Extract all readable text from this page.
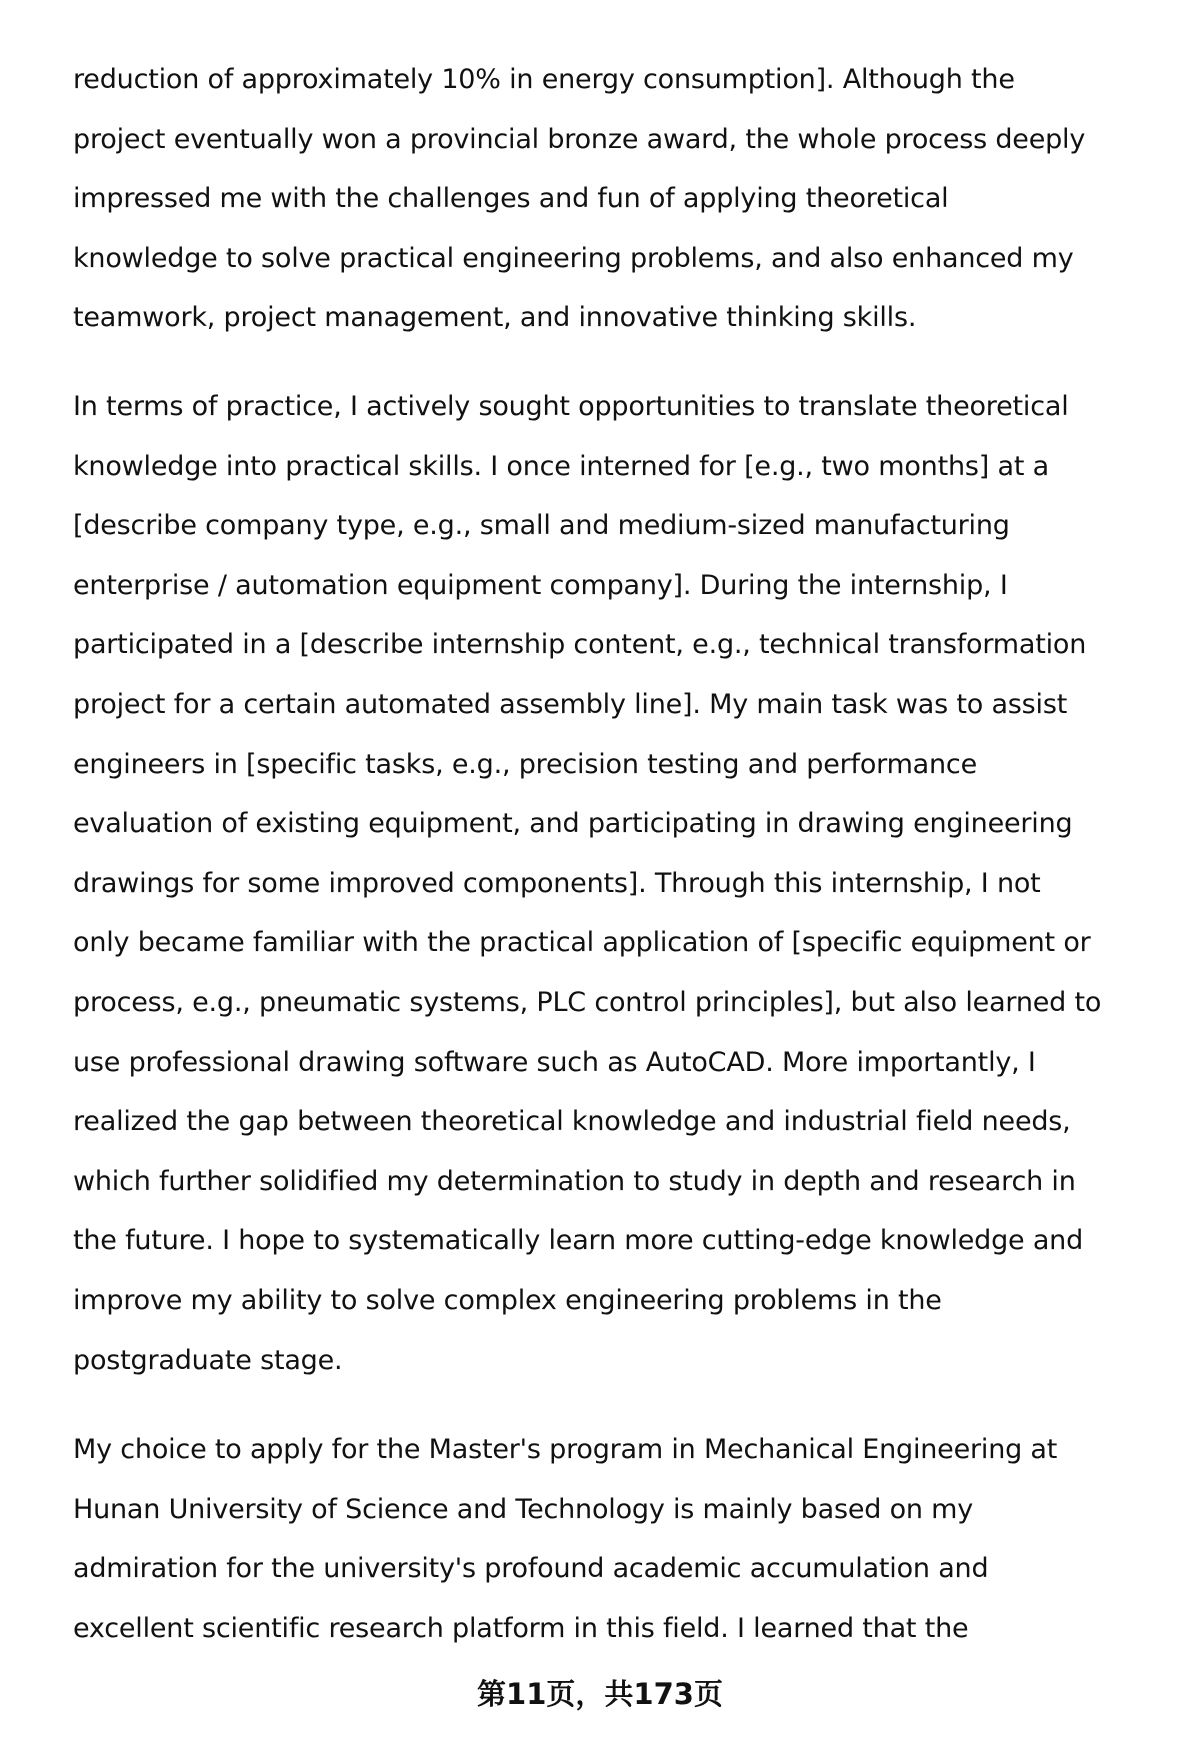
reduction of approximately 10% in energy consumption]. Although the
project eventually won a provincial bronze award, the whole process deeply
impressed me with the challenges and fun of applying theoretical
knowledge to solve practical engineering problems, and also enhanced my
teamwork, project management, and innovative thinking skills.
In terms of practice, I actively sought opportunities to translate theoretical
knowledge into practical skills. I once interned for [e.g., two months] at a
[describe company type, e.g., small and medium-sized manufacturing
enterprise / automation equipment company]. During the internship, I
participated in a [describe internship content, e.g., technical transformation
project for a certain automated assembly line]. My main task was to assist
engineers in [specific tasks, e.g., precision testing and performance
evaluation of existing equipment, and participating in drawing engineering
drawings for some improved components]. Through this internship, I not
only became familiar with the practical application of [specific equipment or
process, e.g., pneumatic systems, PLC control principles], but also learned to
use professional drawing software such as AutoCAD. More importantly, I
realized the gap between theoretical knowledge and industrial field needs,
which further solidified my determination to study in depth and research in
the future. I hope to systematically learn more cutting-edge knowledge and
improve my ability to solve complex engineering problems in the
postgraduate stage.
My choice to apply for the Master's program in Mechanical Engineering at
Hunan University of Science and Technology is mainly based on my
admiration for the university's profound academic accumulation and
excellent scientific research platform in this field. I learned that the
第11页，共173页
